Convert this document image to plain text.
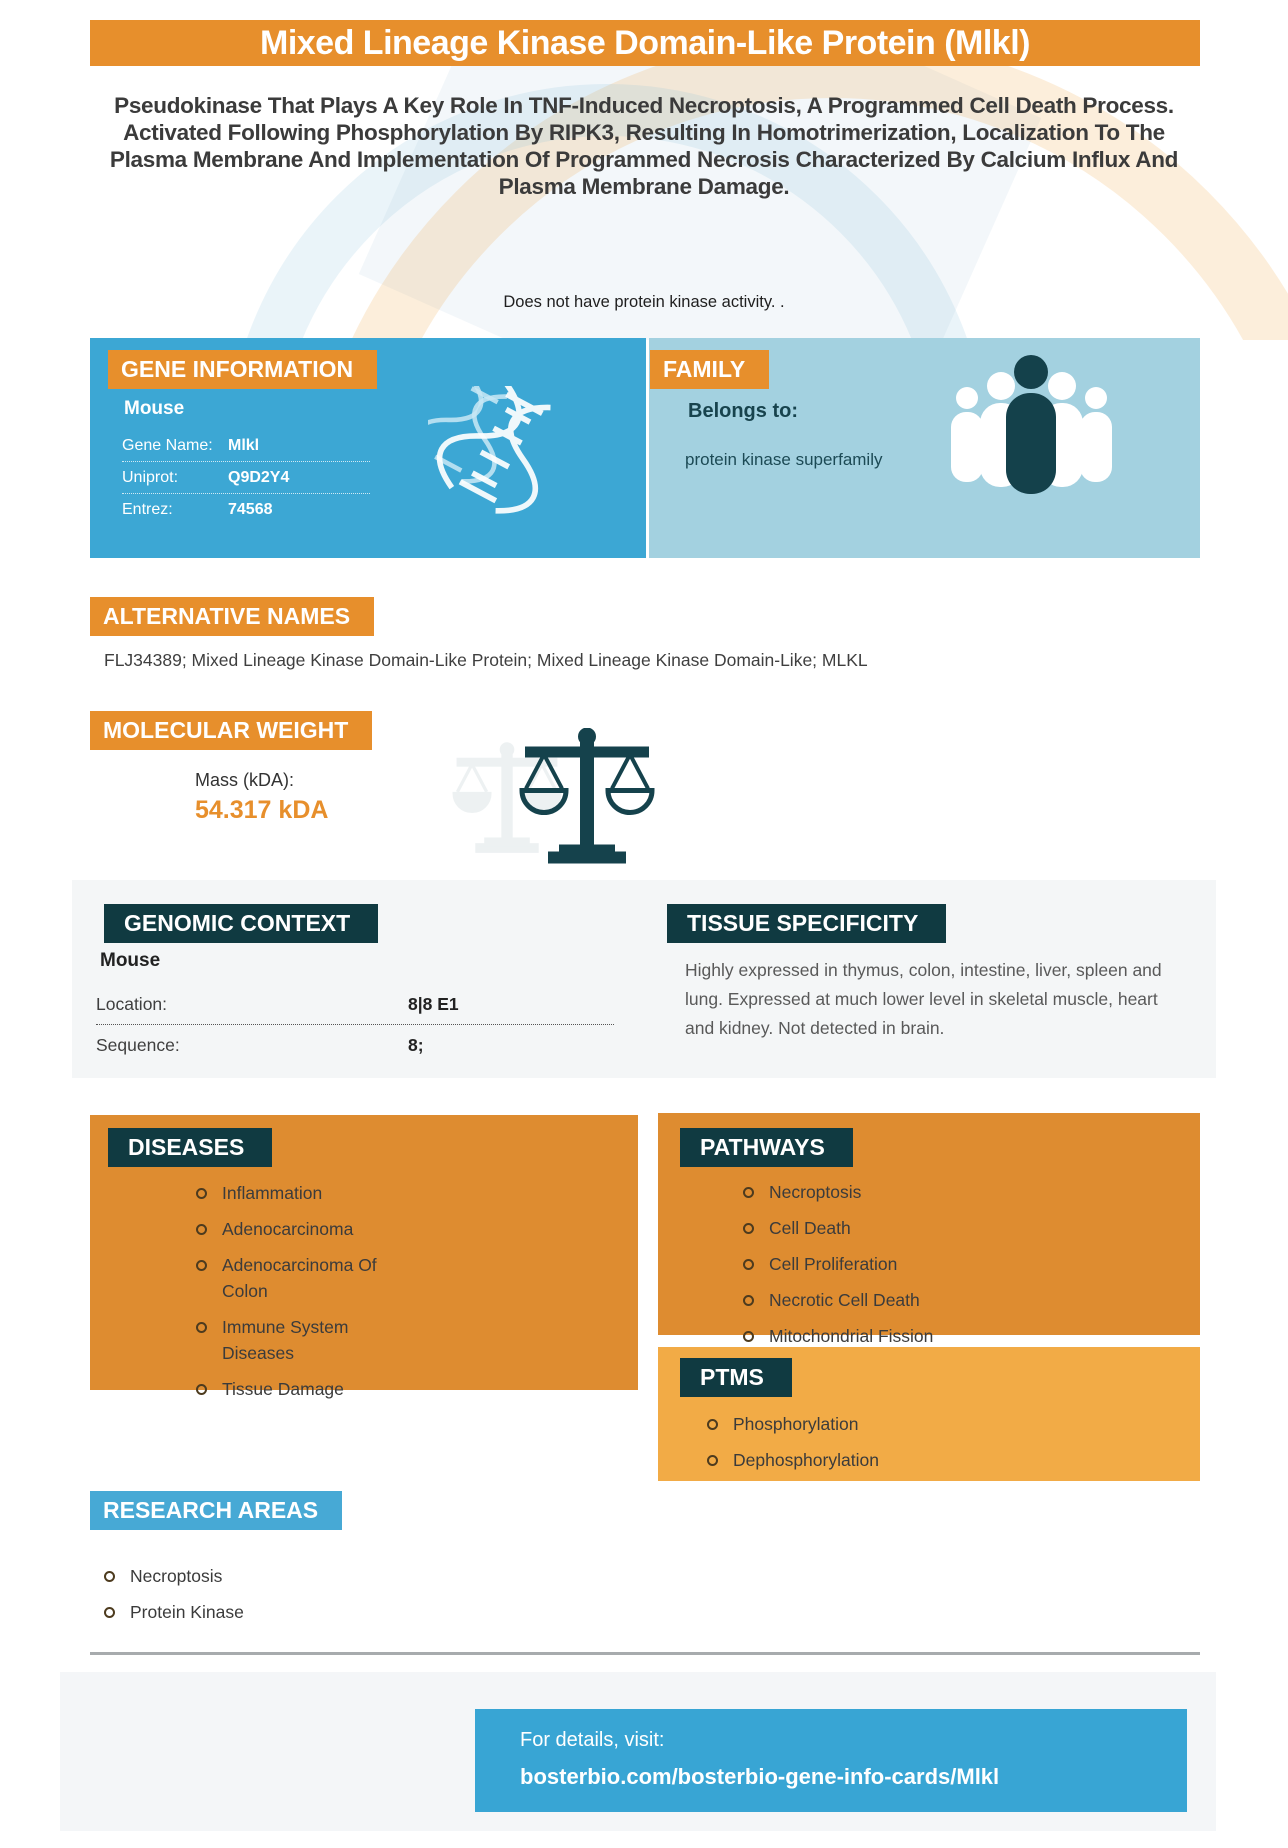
Mixed Lineage Kinase Domain-Like Protein (Mlkl)
Pseudokinase That Plays A Key Role In TNF-Induced Necroptosis, A Programmed Cell Death Process. Activated Following Phosphorylation By RIPK3, Resulting In Homotrimerization, Localization To The Plasma Membrane And Implementation Of Programmed Necrosis Characterized By Calcium Influx And Plasma Membrane Damage.
Does not have protein kinase activity. .
GENE INFORMATION
Mouse
Gene Name: Mlkl
Uniprot:	Q9D2Y4
Entrez:	74568
FAMILY
Belongs to:
protein kinase superfamily
ALTERNATIVE NAMES
FLJ34389; Mixed Lineage Kinase Domain-Like Protein; Mixed Lineage Kinase Domain-Like; MLKL
MOLECULAR WEIGHT
Mass (kDA):
54.317 kDA
GENOMIC CONTEXT
Mouse
Location:	8|8 E1
Sequence:	8;
TISSUE SPECIFICITY
Highly expressed in thymus, colon, intestine, liver, spleen and lung. Expressed at much lower level in skeletal muscle, heart and kidney. Not detected in brain.
DISEASES
Inflammation
Adenocarcinoma
Adenocarcinoma Of Colon
Immune System Diseases
Tissue Damage
PATHWAYS
Necroptosis
Cell Death
Cell Proliferation
Necrotic Cell Death
Mitochondrial Fission
PTMS
Phosphorylation Dephosphorylation
RESEARCH AREAS
Necroptosis
Protein Kinase
For details, visit:
bosterbio.com/bosterbio-gene-info-cards/Mlkl
